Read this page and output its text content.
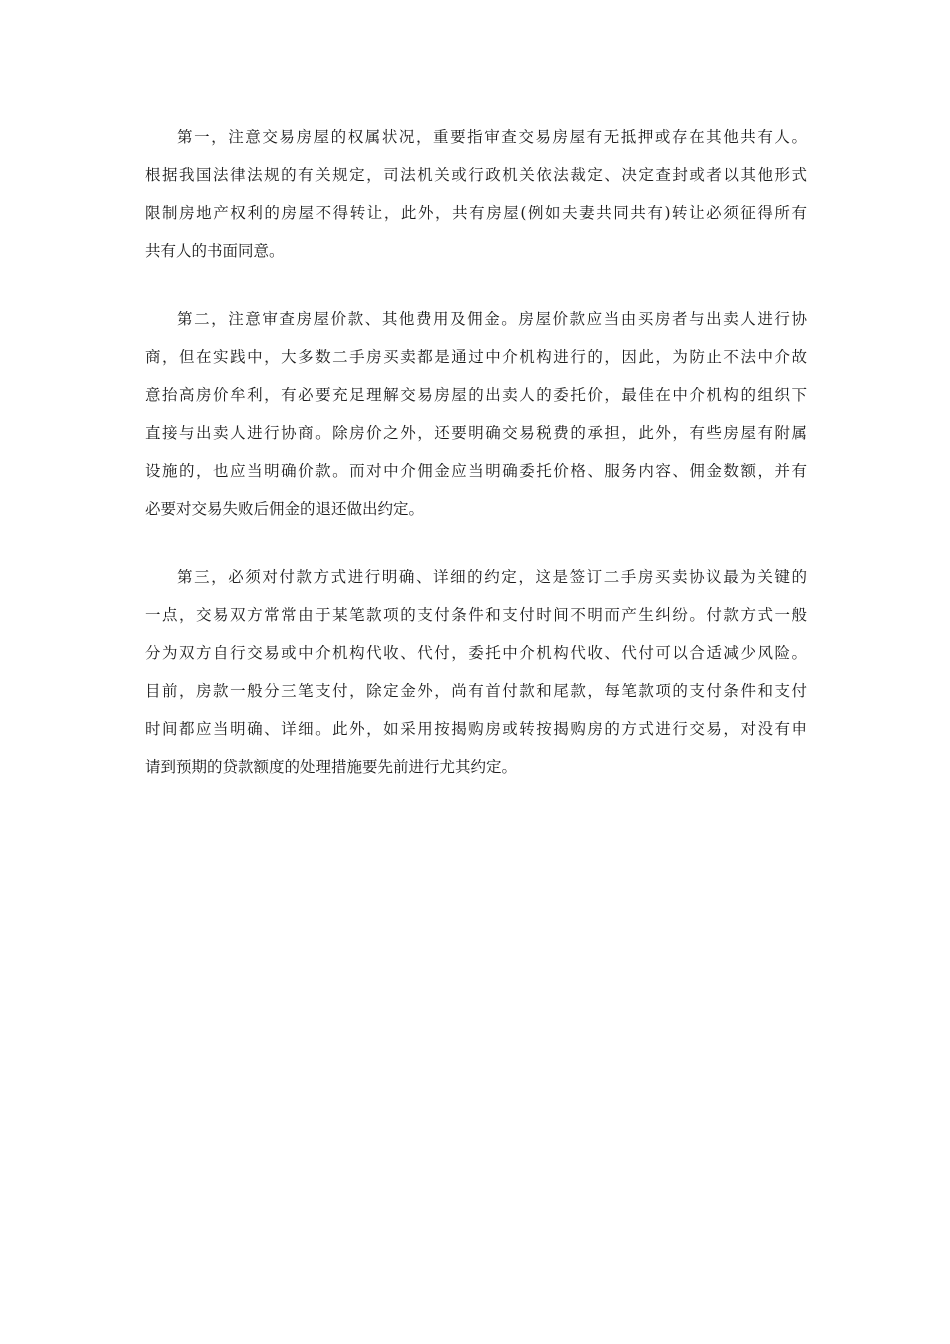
第一，注意交易房屋的权属状况，重要指审查交易房屋有无抵押或存在其他共有人。
根据我国法律法规的有关规定，司法机关或行政机关依法裁定、决定查封或者以其他形式
限制房地产权利的房屋不得转让，此外，共有房屋(例如夫妻共同共有)转让必须征得所有
共有人的书面同意。
第二，注意审查房屋价款、其他费用及佣金。房屋价款应当由买房者与出卖人进行协
商，但在实践中，大多数二手房买卖都是通过中介机构进行的，因此，为防止不法中介故
意抬高房价牟利，有必要充足理解交易房屋的出卖人的委托价，最佳在中介机构的组织下
直接与出卖人进行协商。除房价之外，还要明确交易税费的承担，此外，有些房屋有附属
设施的，也应当明确价款。而对中介佣金应当明确委托价格、服务内容、佣金数额，并有
必要对交易失败后佣金的退还做出约定。
第三，必须对付款方式进行明确、详细的约定，这是签订二手房买卖协议最为关键的
一点，交易双方常常由于某笔款项的支付条件和支付时间不明而产生纠纷。付款方式一般
分为双方自行交易或中介机构代收、代付，委托中介机构代收、代付可以合适减少风险。
目前，房款一般分三笔支付，除定金外，尚有首付款和尾款，每笔款项的支付条件和支付
时间都应当明确、详细。此外，如采用按揭购房或转按揭购房的方式进行交易，对没有申
请到预期的贷款额度的处理措施要先前进行尤其约定。
